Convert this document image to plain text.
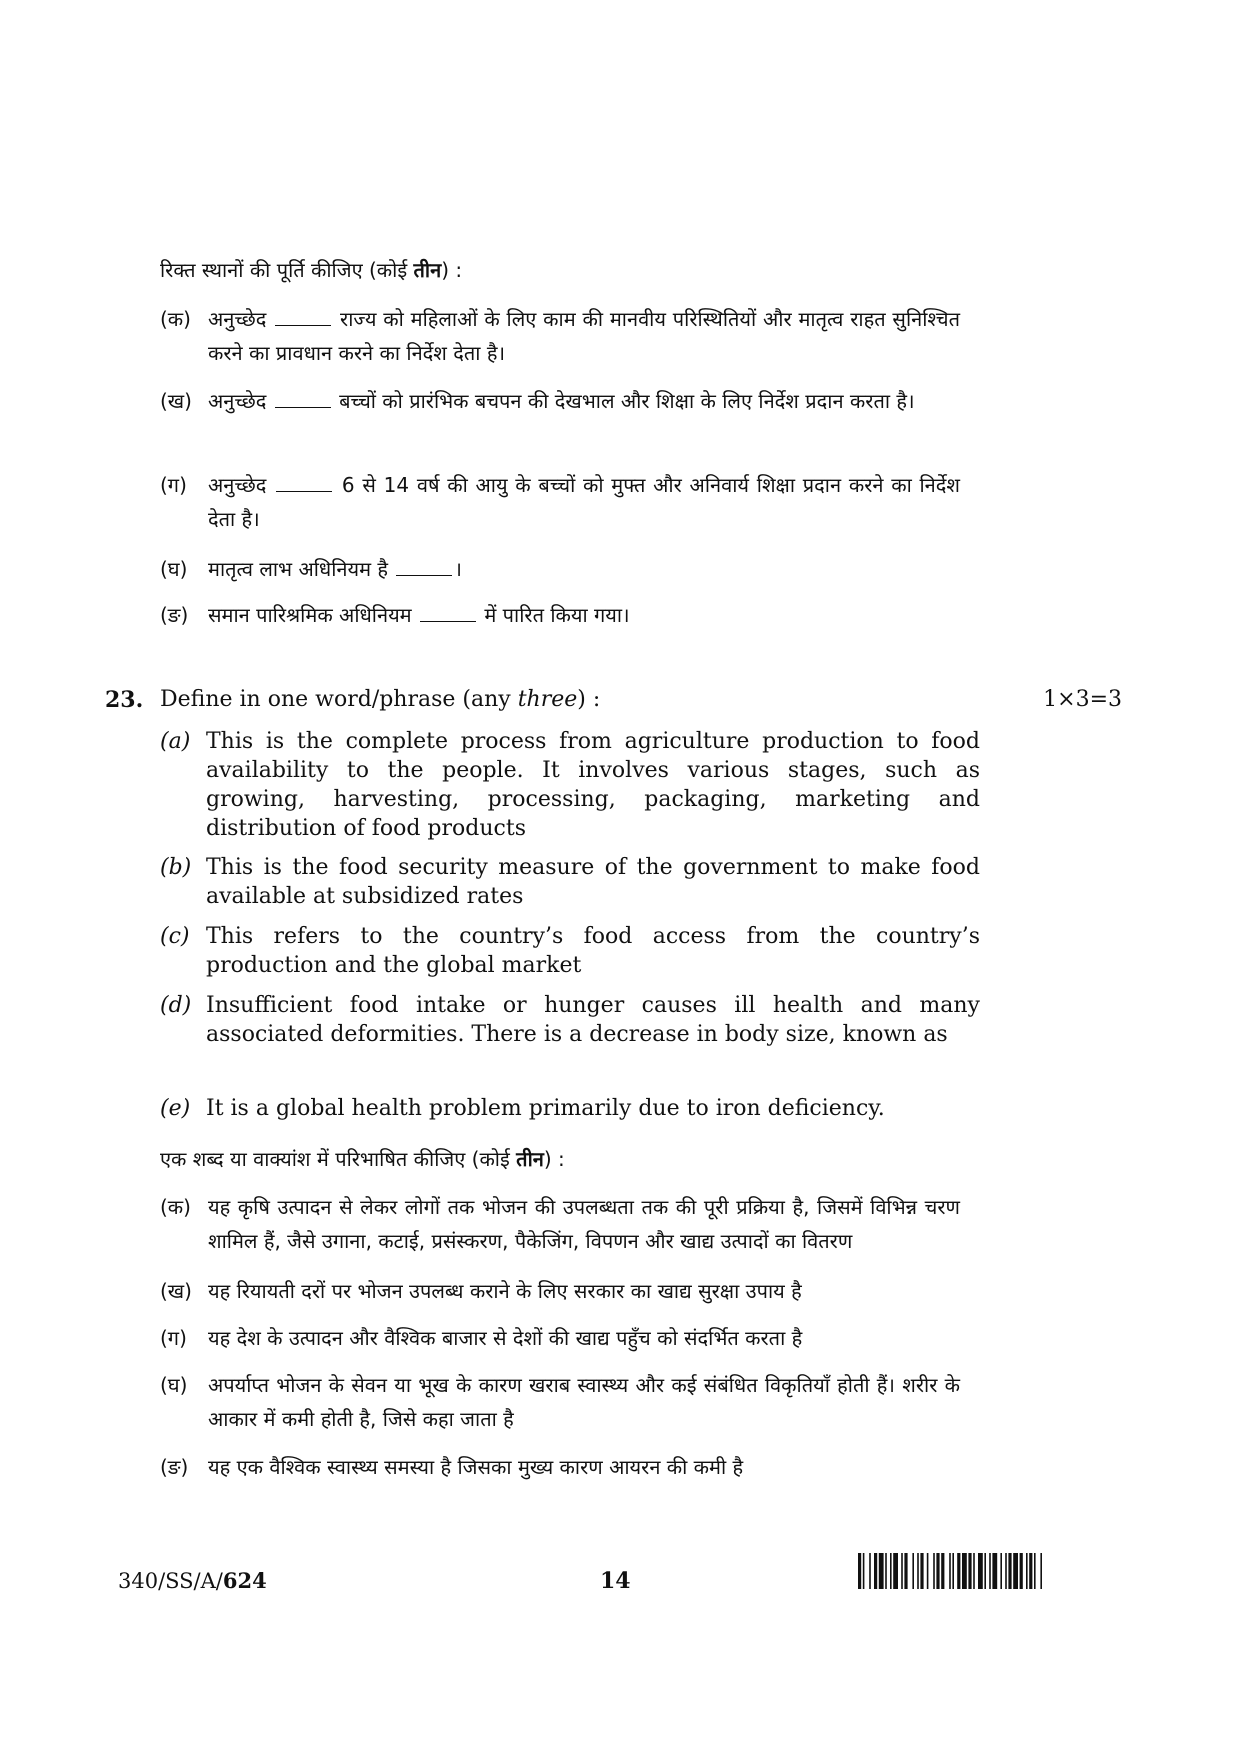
रिक्त स्थानों की पूर्ति कीजिए (कोई तीन) :
(क) अनुच्छेद	राज्य को महिलाओं के लिए काम की मानवीय परिस्थितियों और मातृत्व राहत सुनिश्चित करने का प्रावधान करने का निर्देश देता है।
(ख) अनुच्छेद	बच्चों को प्रारंभिक बचपन की देखभाल और शिक्षा के लिए निर्देश प्रदान करता है।
(ग)	अनुच्छेद	6 से 14 वर्ष की आयु के बच्चों को मुफ्त और अनिवार्य शिक्षा प्रदान करने का निर्देश देता है।
(घ)	मातृत्व लाभ अधिनियम है	।
(ङ) समान पारिश्रमिक अधिनियम	में पारित किया गया।
23. Define in one word/phrase (any three) :	1×3=3
(a) This is the complete process from agriculture production to food availability to the people. It involves various stages, such as growing, harvesting, processing, packaging, marketing and distribution of food products
(b) This is the food security measure of the government to make food available at subsidized rates
(c) This refers to the country’s food access from the country’s production and the global market
(d) Insufficient food intake or hunger causes ill health and many associated deformities. There is a decrease in body size, known as
(e) It is a global health problem primarily due to iron deficiency.
एक शब्द या वाक्यांश में परिभाषित कीजिए (कोई तीन) :
(क) यह कृषि उत्पादन से लेकर लोगों तक भोजन की उपलब्धता तक की पूरी प्रक्रिया है, जिसमें विभिन्न चरण शामिल हैं, जैसे उगाना, कटाई, प्रसंस्करण, पैकेजिंग, विपणन और खाद्य उत्पादों का वितरण
(ख) यह रियायती दरों पर भोजन उपलब्ध कराने के लिए सरकार का खाद्य सुरक्षा उपाय है
(ग)	यह देश के उत्पादन और वैश्विक बाजार से देशों की खाद्य पहुँच को संदर्भित करता है
(घ)	अपर्याप्त भोजन के सेवन या भूख के कारण खराब स्वास्थ्य और कई संबंधित विकृतियाँ होती हैं। शरीर के आकार में कमी होती है, जिसे कहा जाता है
(ङ) यह एक वैश्विक स्वास्थ्य समस्या है जिसका मुख्य कारण आयरन की कमी है
340/SS/A/624	14
